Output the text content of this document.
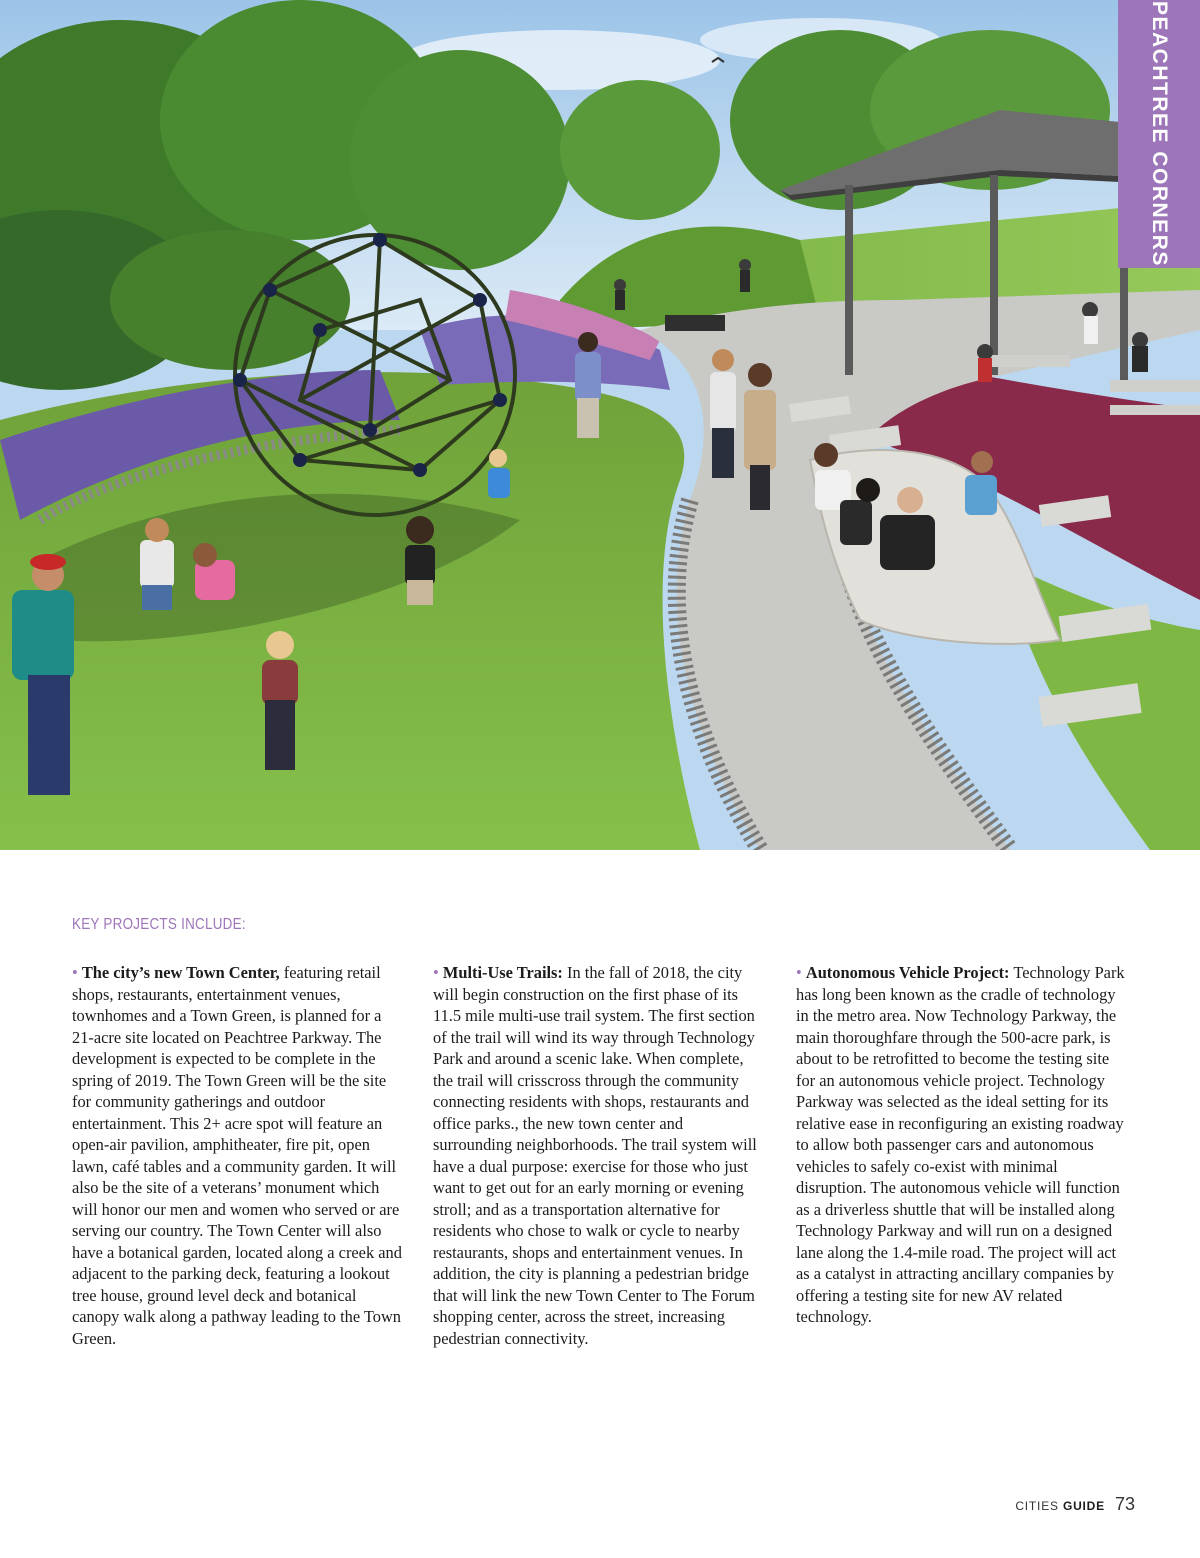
PEACHTREE CORNERS
KEY PROJECTS INCLUDE:

• The city’s new Town Center, featuring retail shops, restaurants, entertainment venues, townhomes and a Town Green, is planned for a 21-acre site located on Peachtree Parkway. The development is expected to be complete in the spring of 2019. The Town Green will be the site for community gatherings and outdoor entertainment. This 2+ acre spot will feature an open-air pavilion, amphitheater, fire pit, open lawn, café tables and a community garden. It will also be the site of a veterans’ monument which will honor our men and women who served or are serving our country. The Town Center will also have a botanical garden, located along a creek and adjacent to the parking deck, featuring a lookout tree house, ground level deck and botanical canopy walk along a pathway leading to the Town Green.

• Multi-Use Trails: In the fall of 2018, the city will begin construction on the first phase of its 11.5 mile multi-use trail system. The first section of the trail will wind its way through Technology Park and around a scenic lake. When complete, the trail will crisscross through the community connecting residents with shops, restaurants and office parks., the new town center and surrounding neighborhoods. The trail system will have a dual purpose: exercise for those who just want to get out for an early morning or evening stroll; and as a transportation alternative for residents who chose to walk or cycle to nearby restaurants, shops and entertainment venues. In addition, the city is planning a pedestrian bridge that will link the new Town Center to The Forum shopping center, across the street, increasing pedestrian connectivity.

• Autonomous Vehicle Project: Technology Park has long been known as the cradle of technology in the metro area. Now Technology Parkway, the main thoroughfare through the 500-acre park, is about to be retrofitted to become the testing site for an autonomous vehicle project. Technology Parkway was selected as the ideal setting for its relative ease in reconfiguring an existing roadway to allow both passenger cars and autonomous vehicles to safely co-exist with minimal disruption. The autonomous vehicle will function as a driverless shuttle that will be installed along Technology Parkway and will run on a designed lane along the 1.4-mile road. The project will act as a catalyst in attracting ancillary companies by offering a testing site for new AV related technology.

CITIES GUIDE 73
